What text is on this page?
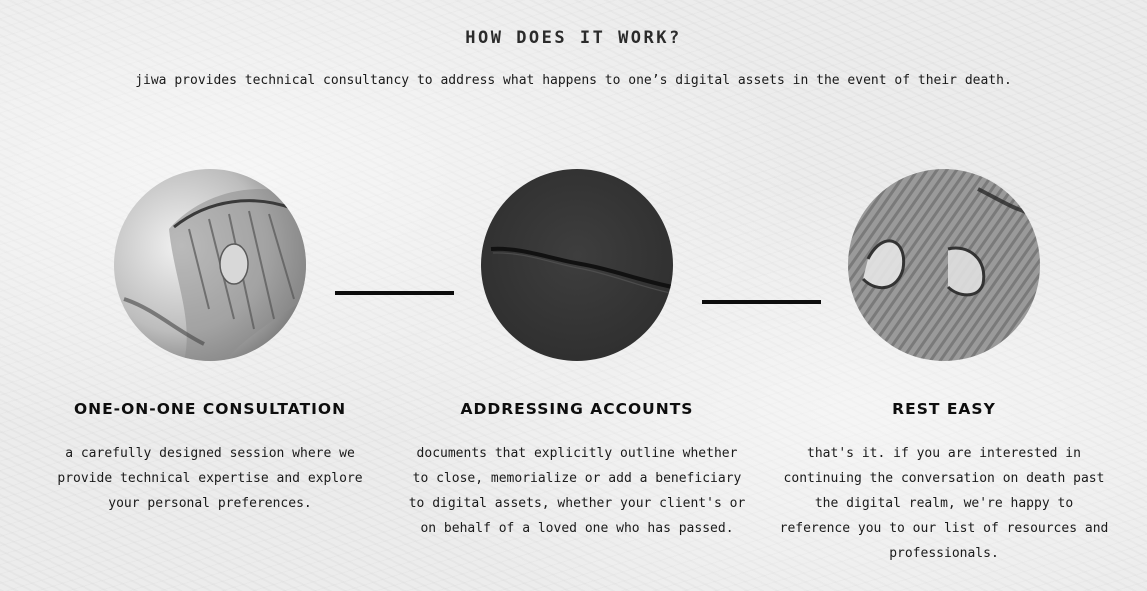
HOW DOES IT WORK?

jiwa provides technical consultancy to address what happens to one’s digital assets in the event of their death.

ONE-ON-ONE CONSULTATION	ADDRESSING ACCOUNTS	REST EASY

a carefully designed session where we provide technical expertise and explore your personal preferences.

documents that explicitly outline whether to close, memorialize or add a beneficiary to digital assets, whether your client's or on behalf of a loved one who has passed.

that's it. if you are interested in continuing the conversation on death past the digital realm, we're happy to reference you to our list of resources and professionals.
